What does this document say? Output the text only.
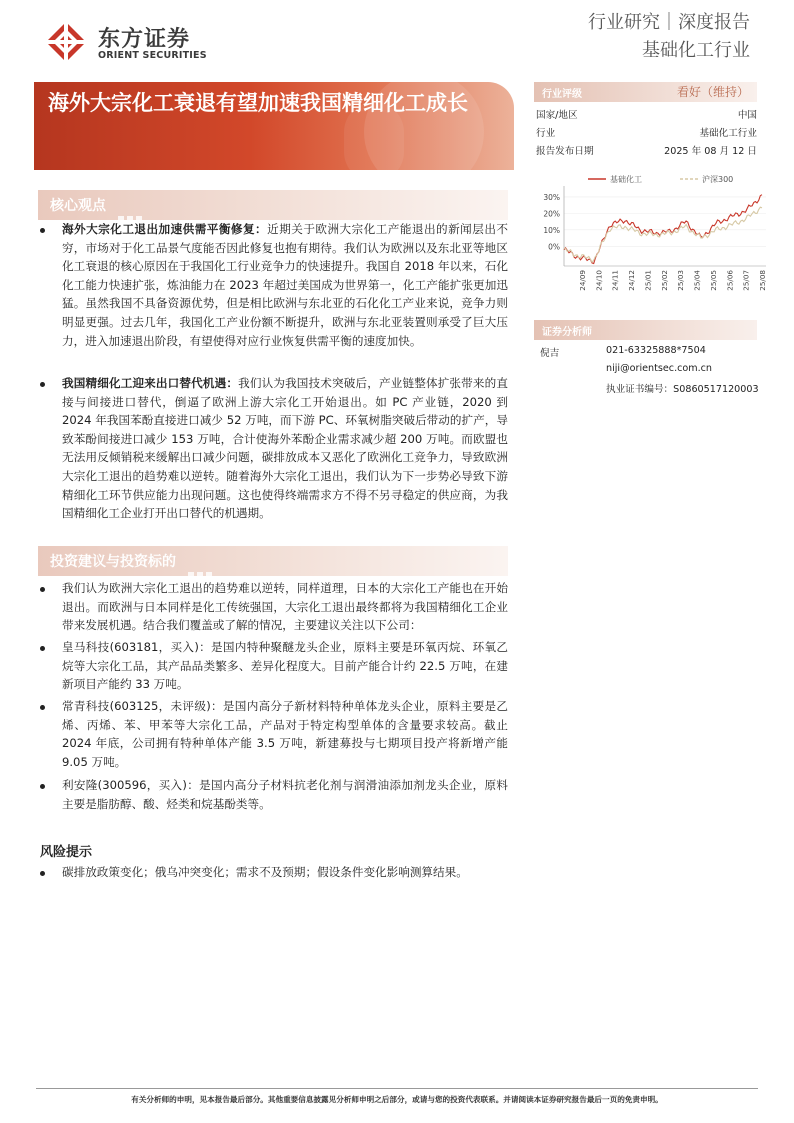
东方证券
ORIENT SECURITIES
行业研究｜深度报告
基础化工行业
海外大宗化工衰退有望加速我国精细化工成长
核心观点
海外大宗化工退出加速供需平衡修复：近期关于欧洲大宗化工产能退出的新闻层出不穷，市场对于化工品景气度能否因此修复也抱有期待。我们认为欧洲以及东北亚等地区化工衰退的核心原因在于我国化工行业竞争力的快速提升。我国自 2018 年以来，石化化工能力快速扩张，炼油能力在 2023 年超过美国成为世界第一，化工产能扩张更加迅猛。虽然我国不具备资源优势，但是相比欧洲与东北亚的石化化工产业来说，竞争力则明显更强。过去几年，我国化工产业份额不断提升，欧洲与东北亚装置则承受了巨大压力，进入加速退出阶段，有望使得对应行业恢复供需平衡的速度加快。
我国精细化工迎来出口替代机遇：我们认为我国技术突破后，产业链整体扩张带来的直接与间接进口替代，倒逼了欧洲上游大宗化工开始退出。如 PC 产业链，2020 到 2024 年我国苯酚直接进口减少 52 万吨，而下游 PC、环氧树脂突破后带动的扩产，导致苯酚间接进口减少 153 万吨，合计使海外苯酚企业需求减少超 200 万吨。而欧盟也无法用反倾销税来缓解出口减少问题，碳排放成本又恶化了欧洲化工竞争力，导致欧洲大宗化工退出的趋势难以逆转。随着海外大宗化工退出，我们认为下一步势必导致下游精细化工环节供应能力出现问题。这也使得终端需求方不得不另寻稳定的供应商，为我国精细化工企业打开出口替代的机遇期。
投资建议与投资标的
我们认为欧洲大宗化工退出的趋势难以逆转，同样道理，日本的大宗化工产能也在开始退出。而欧洲与日本同样是化工传统强国，大宗化工退出最终都将为我国精细化工企业带来发展机遇。结合我们覆盖或了解的情况，主要建议关注以下公司：
皇马科技(603181，买入)：是国内特种聚醚龙头企业，原料主要是环氧丙烷、环氧乙烷等大宗化工品，其产品品类繁多、差异化程度大。目前产能合计约 22.5 万吨，在建新项目产能约 33 万吨。
常青科技(603125，未评级)：是国内高分子新材料特种单体龙头企业，原料主要是乙烯、丙烯、苯、甲苯等大宗化工品，产品对于特定构型单体的含量要求较高。截止 2024 年底，公司拥有特种单体产能 3.5 万吨，新建募投与七期项目投产将新增产能 9.05 万吨。
利安隆(300596，买入)：是国内高分子材料抗老化剂与润滑油添加剂龙头企业，原料主要是脂肪醇、酸、烃类和烷基酚类等。
风险提示
碳排放政策变化；俄乌冲突变化；需求不及预期；假设条件变化影响测算结果。
行业评级	看好（维持）
国家/地区	中国
行业	基础化工行业
报告发布日期	2025 年 08 月 12 日
基础化工	沪深300
30%
20%
10%
0%
24/09 24/10 24/11 24/12 25/01 25/02 25/03 25/04 25/05 25/06 25/07 25/08
证券分析师
倪吉	021-63325888*7504
niji@orientsec.com.cn
执业证书编号：S0860517120003
有关分析师的申明，见本报告最后部分。其他重要信息披露见分析师申明之后部分，或请与您的投资代表联系。并请阅读本证券研究报告最后一页的免责申明。
